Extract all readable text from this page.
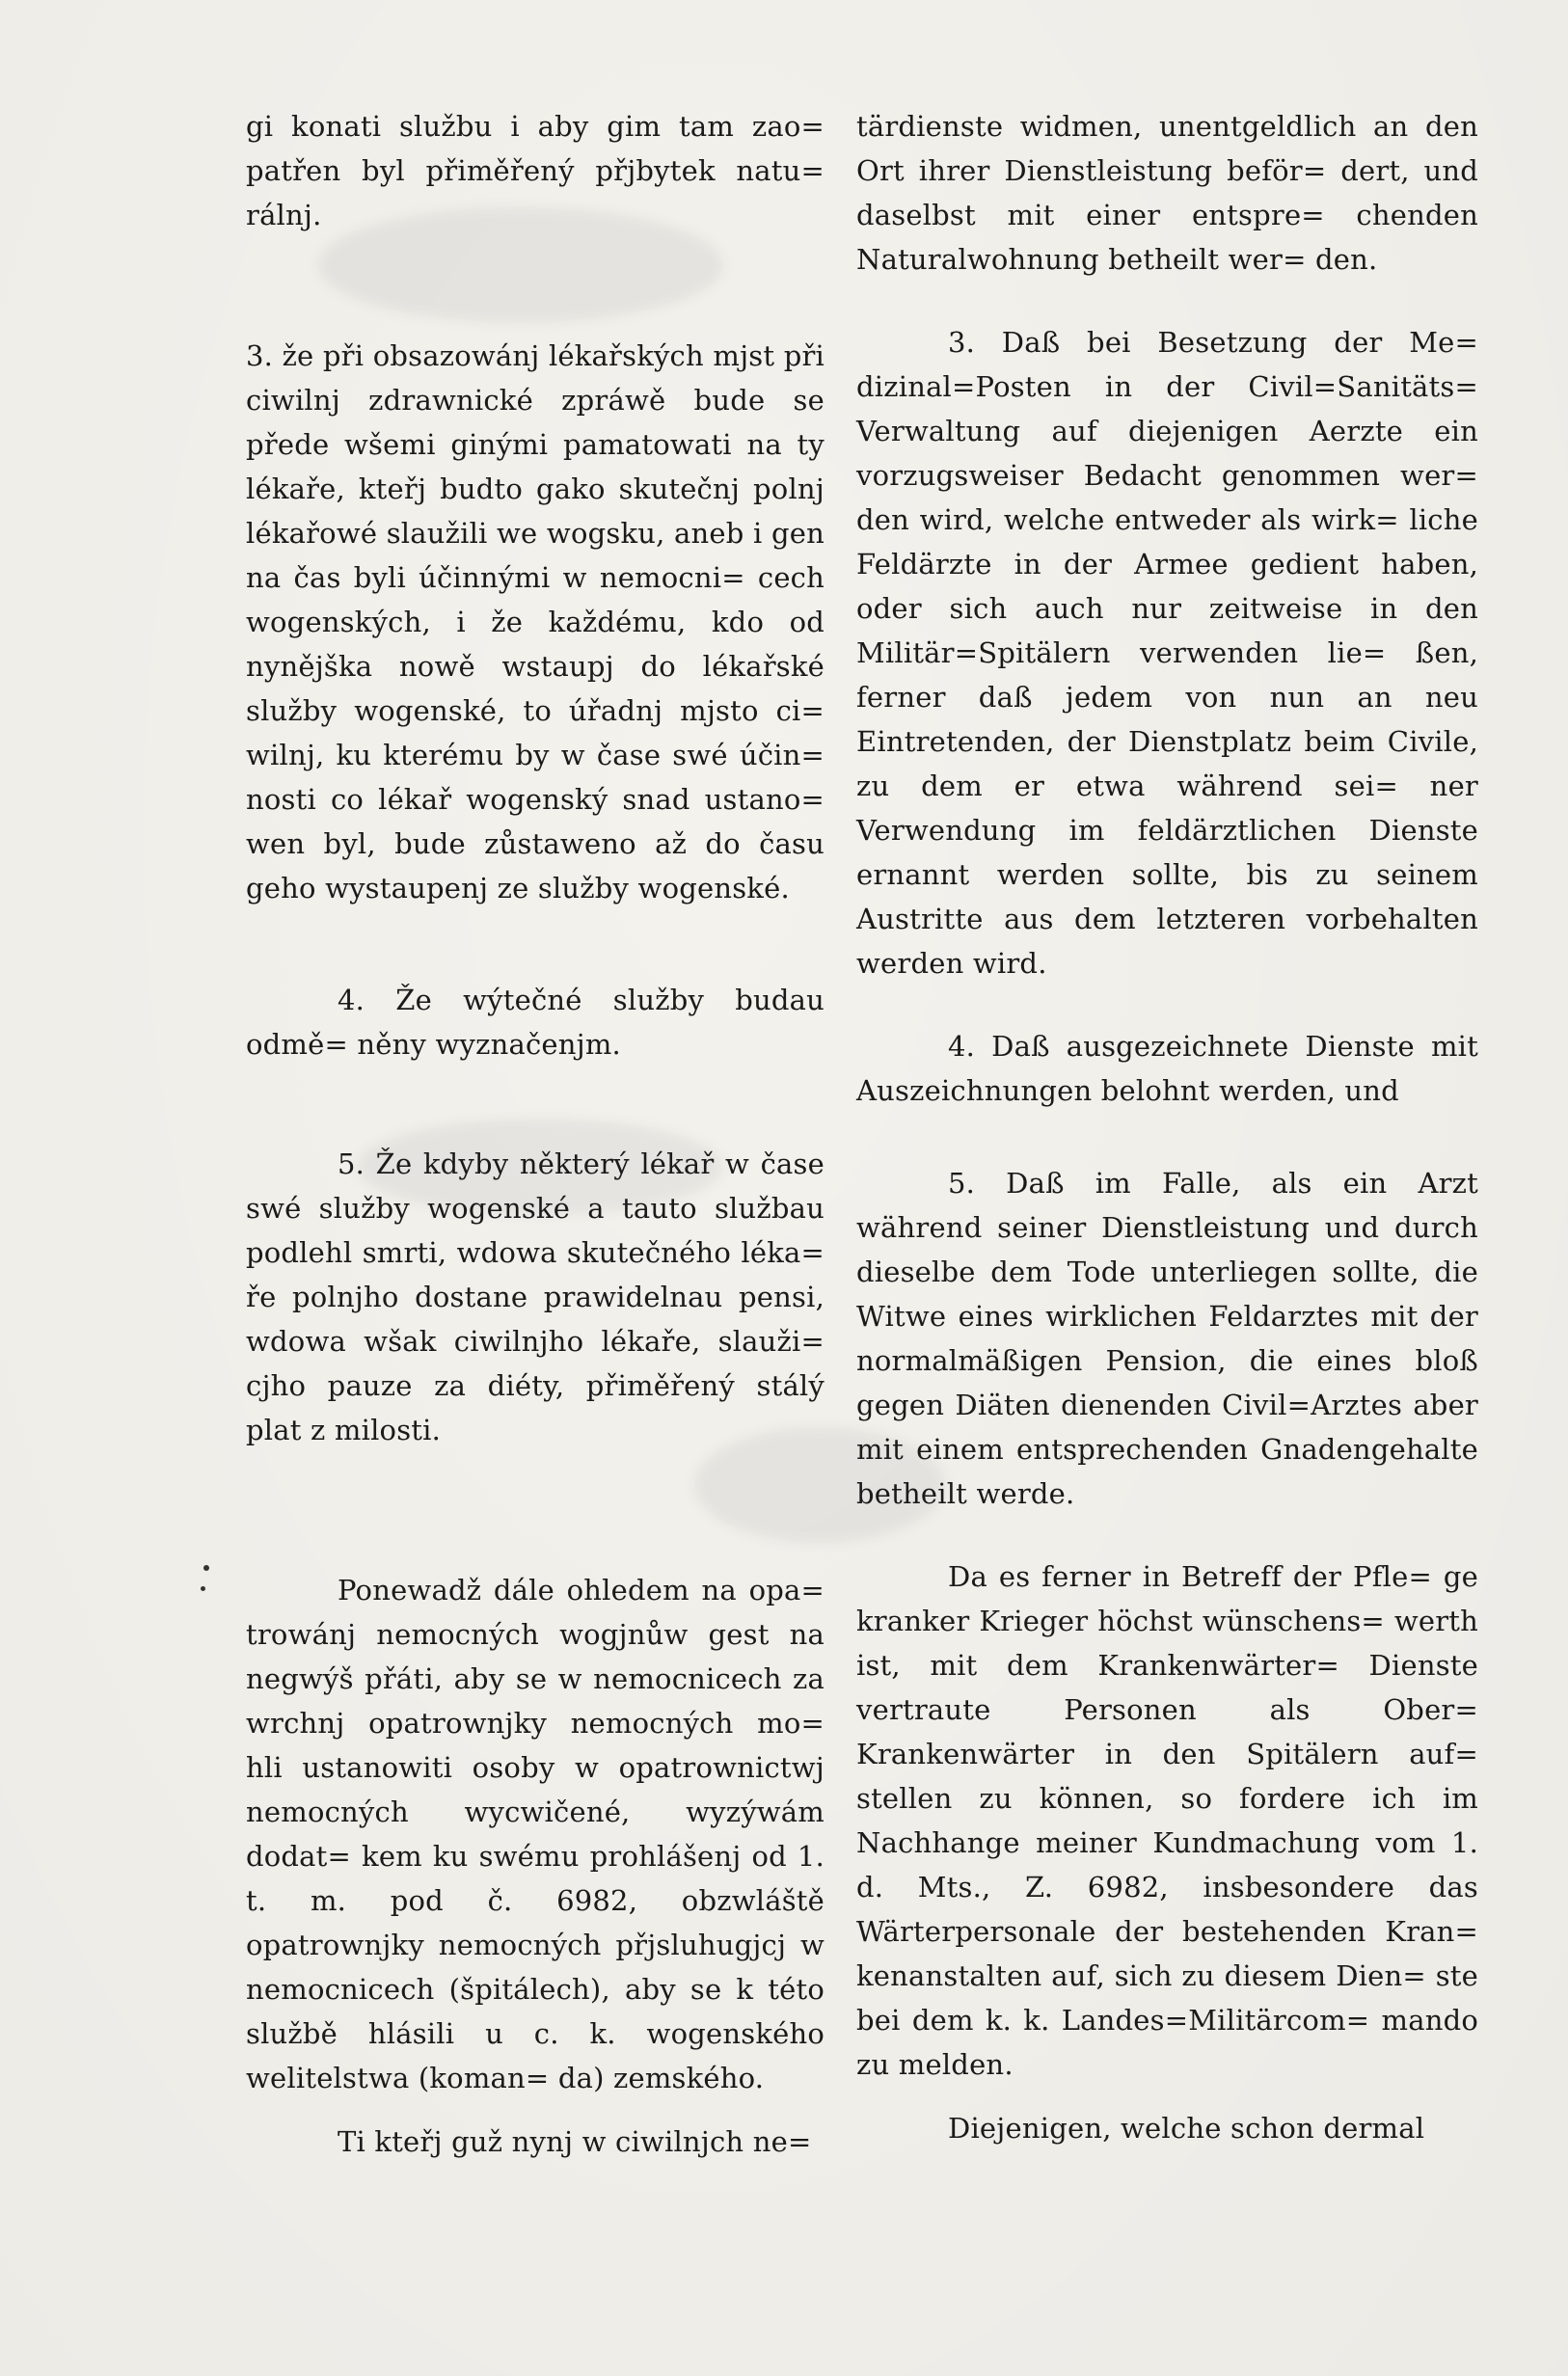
gi konati službu i aby gim tam zao= patřen byl přiměřený přjbytek natu= rálnj.

3. že při obsazowánj lékařských mjst při ciwilnj zdrawnické zpráwě bude se přede wšemi ginými pamatowati na ty lékaře, kteřj budto gako skutečnj polnj lékařowé slaužili we wogsku, aneb i gen na čas byli účinnými w nemocni= cech wogenských, i že každému, kdo od nynějška nowě wstaupj do lékařské služby wogenské, to úřadnj mjsto ci= wilnj, ku kterému by w čase swé účin= nosti co lékař wogenský snad ustano= wen byl, bude zůstaweno až do času geho wystaupenj ze služby wogenské.

4. Že wýtečné služby budau odmě= něny wyznačenjm.

5. Že kdyby některý lékař w čase swé služby wogenské a tauto službau podlehl smrti, wdowa skutečného léka= ře polnjho dostane prawidelnau pensi, wdowa wšak ciwilnjho lékaře, slauži= cjho pauze za diéty, přiměřený stálý plat z milosti.

Ponewadž dále ohledem na opa= trowánj nemocných wogjnůw gest na negwýš přáti, aby se w nemocnicech za wrchnj opatrownjky nemocných mo= hli ustanowiti osoby w opatrownictwj nemocných wycwičené, wyzýwám dodat= kem ku swému prohlášenj od 1. t. m. pod č. 6982, obzwláště opatrownjky nemocných přjsluhugjcj w nemocnicech (špitálech), aby se k této službě hlásili u c. k. wogenského welitelstwa (koman= da) zemského.

Ti kteřj guž nynj w ciwilnjch ne=

tärdienste widmen, unentgeldlich an den Ort ihrer Dienstleistung beför= dert, und daselbst mit einer entspre= chenden Naturalwohnung betheilt wer= den.

3. Daß bei Besetzung der Me= dizinal=Posten in der Civil=Sanitäts= Verwaltung auf diejenigen Aerzte ein vorzugsweiser Bedacht genommen wer= den wird, welche entweder als wirk= liche Feldärzte in der Armee gedient haben, oder sich auch nur zeitweise in den Militär=Spitälern verwenden lie= ßen, ferner daß jedem von nun an neu Eintretenden, der Dienstplatz beim Civile, zu dem er etwa während sei= ner Verwendung im feldärztlichen Dienste ernannt werden sollte, bis zu seinem Austritte aus dem letzteren vorbehalten werden wird.

4. Daß ausgezeichnete Dienste mit Auszeichnungen belohnt werden, und

5. Daß im Falle, als ein Arzt während seiner Dienstleistung und durch dieselbe dem Tode unterliegen sollte, die Witwe eines wirklichen Feldarztes mit der normalmäßigen Pension, die eines bloß gegen Diäten dienenden Civil=Arztes aber mit einem entsprechenden Gnadengehalte betheilt werde.

Da es ferner in Betreff der Pfle= ge kranker Krieger höchst wünschens= werth ist, mit dem Krankenwärter= Dienste vertraute Personen als Ober= Krankenwärter in den Spitälern auf= stellen zu können, so fordere ich im Nachhange meiner Kundmachung vom 1. d. Mts., Z. 6982, insbesondere das Wärterpersonale der bestehenden Kran= kenanstalten auf, sich zu diesem Dien= ste bei dem k. k. Landes=Militärcom= mando zu melden.

Diejenigen, welche schon dermal
